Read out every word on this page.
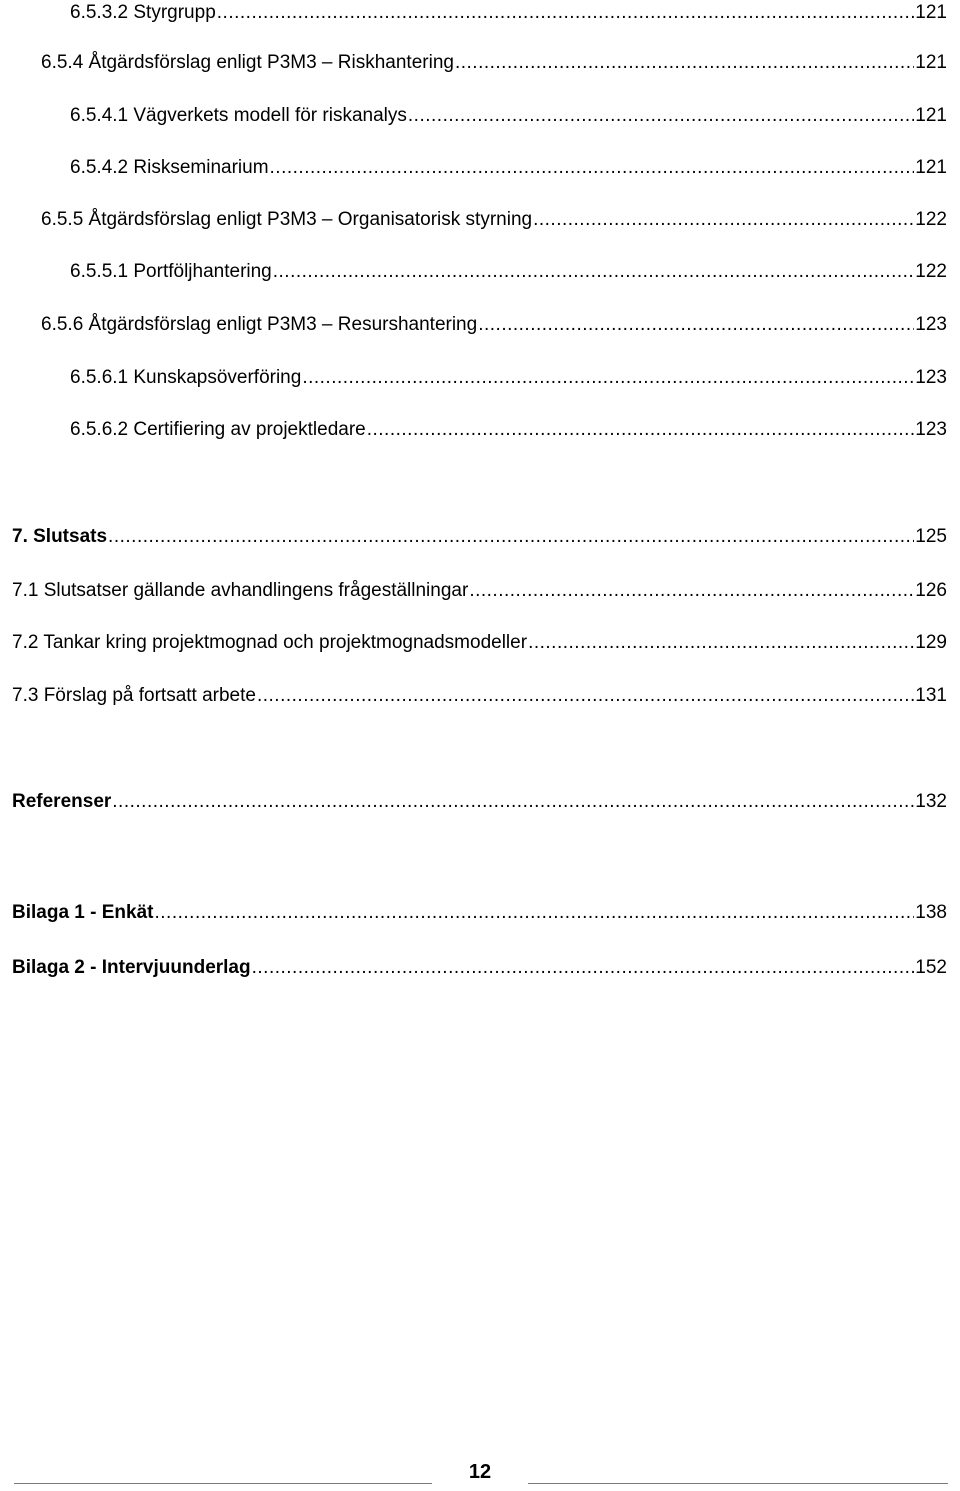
6.5.3.2 Styrgrupp .....	121
6.5.4 Åtgärdsförslag enligt P3M3 – Riskhantering .....	121
6.5.4.1 Vägverkets modell för riskanalys .....	121
6.5.4.2 Riskseminarium .....	121
6.5.5 Åtgärdsförslag enligt P3M3 – Organisatorisk styrning .....	122
6.5.5.1 Portföljhantering .....	122
6.5.6 Åtgärdsförslag enligt P3M3 – Resurshantering .....	123
6.5.6.1 Kunskapsöverföring .....	123
6.5.6.2 Certifiering av projektledare .....	123
7. Slutsats .....	125
7.1 Slutsatser gällande avhandlingens frågeställningar .....	126
7.2 Tankar kring projektmognad och projektmognadsmodeller .....	129
7.3 Förslag på fortsatt arbete .....	131
Referenser .....	132
Bilaga 1 - Enkät .....	138
Bilaga 2 - Intervjuunderlag .....	152
12
